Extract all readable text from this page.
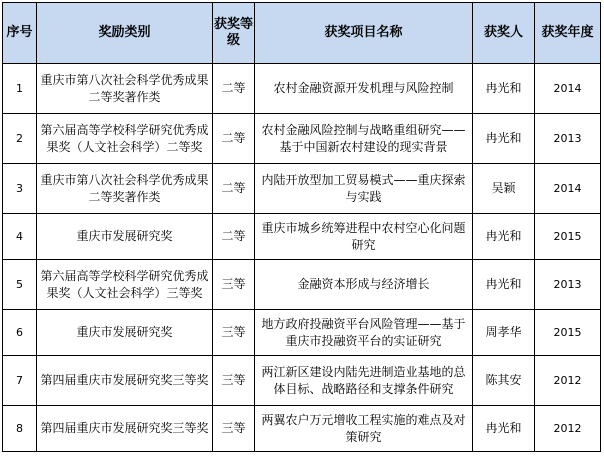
序号	奖励类别	获奖等级	获奖项目名称	获奖人	获奖年度
1	重庆市第八次社会科学优秀成果二等奖著作类	二等	农村金融资源开发机理与风险控制	冉光和	2014
2	第六届高等学校科学研究优秀成果奖（人文社会科学）二等奖	二等	农村金融风险控制与战略重组研究——基于中国新农村建设的现实背景	冉光和	2013
3	重庆市第八次社会科学优秀成果二等奖著作类	二等	内陆开放型加工贸易模式——重庆探索与实践	吴颖	2014
4	重庆市发展研究奖	二等	重庆市城乡统筹进程中农村空心化问题研究	冉光和	2015
5	第六届高等学校科学研究优秀成果奖（人文社会科学）三等奖	三等	金融资本形成与经济增长	冉光和	2013
6	重庆市发展研究奖	三等	地方政府投融资平台风险管理——基于重庆市投融资平台的实证研究	周孝华	2015
7	第四届重庆市发展研究奖三等奖	三等	两江新区建设内陆先进制造业基地的总体目标、战略路径和支撑条件研究	陈其安	2012
8	第四届重庆市发展研究奖三等奖	三等	两翼农户万元增收工程实施的难点及对策研究	冉光和	2012
